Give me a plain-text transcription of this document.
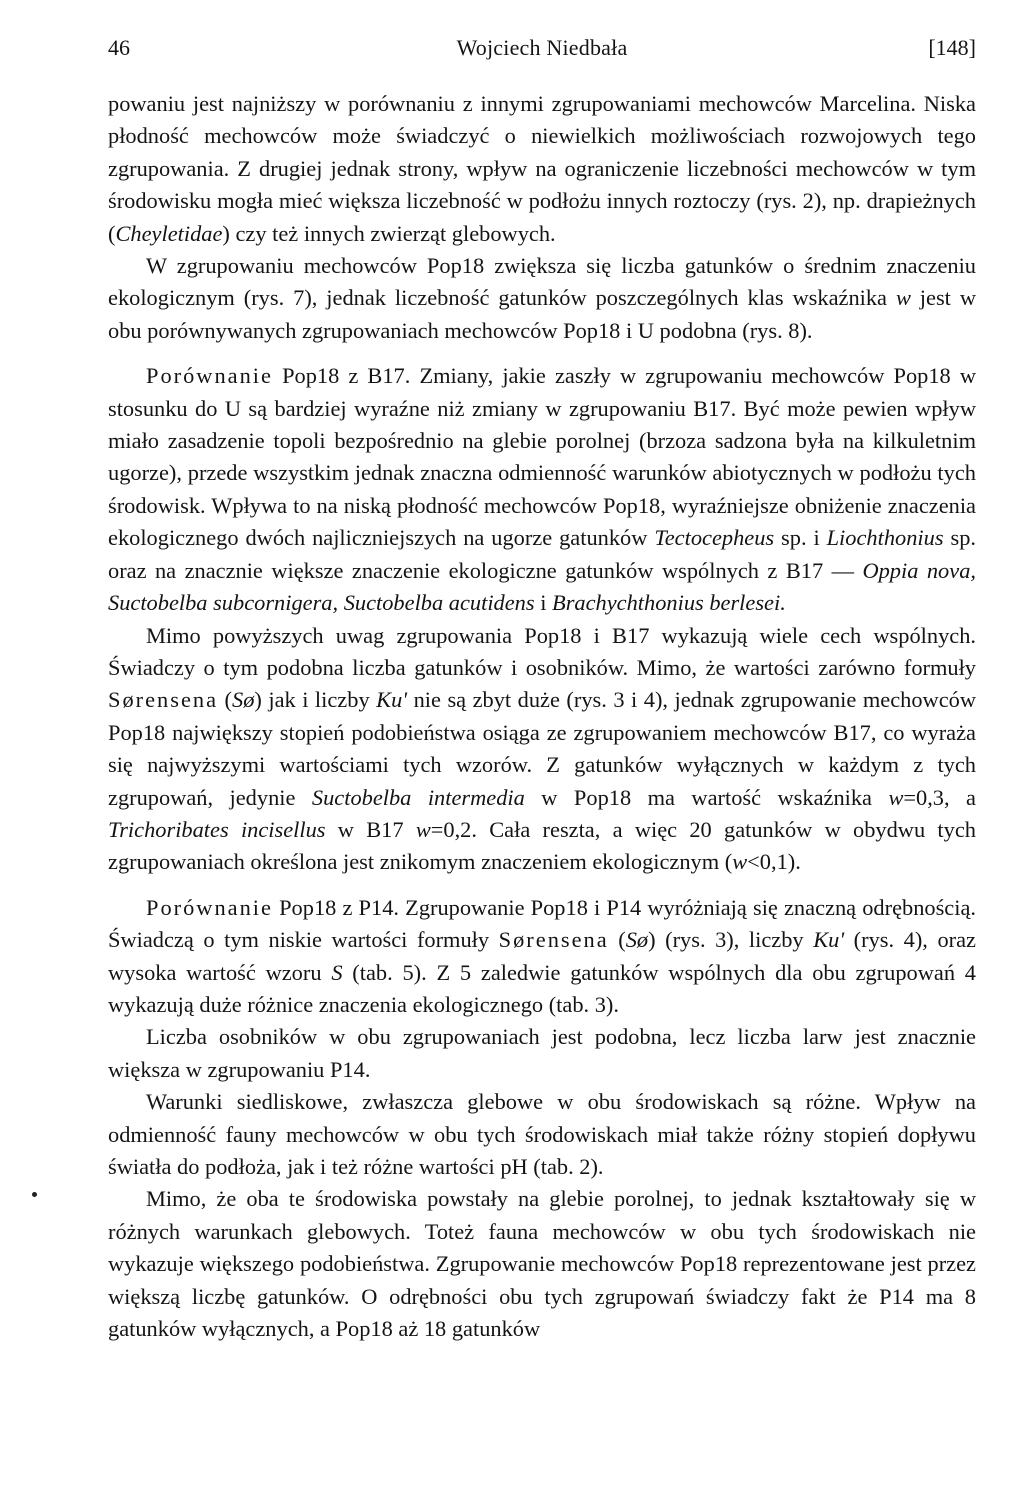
46	Wojciech Niedbała	[148]

powaniu jest najniższy w porównaniu z innymi zgrupowaniami mechowców Marcelina. Niska płodność mechowców może świadczyć o niewielkich możliwościach rozwojowych tego zgrupowania. Z drugiej jednak strony, wpływ na ograniczenie liczebności mechowców w tym środowisku mogła mieć większa liczebność w podłożu innych roztoczy (rys. 2), np. drapieżnych (Cheyletidae) czy też innych zwierząt glebowych.

W zgrupowaniu mechowców Pop18 zwiększa się liczba gatunków o średnim znaczeniu ekologicznym (rys. 7), jednak liczebność gatunków poszczególnych klas wskaźnika w jest w obu porównywanych zgrupowaniach mechowców Pop18 i U podobna (rys. 8).

Porównanie Pop18 z B17. Zmiany, jakie zaszły w zgrupowaniu mechowców Pop18 w stosunku do U są bardziej wyraźne niż zmiany w zgrupowaniu B17. Być może pewien wpływ miało zasadzenie topoli bezpośrednio na glebie porolnej (brzoza sadzona była na kilkuletnim ugorze), przede wszystkim jednak znaczna odmienność warunków abiotycznych w podłożu tych środowisk. Wpływa to na niską płodność mechowców Pop18, wyraźniejsze obniżenie znaczenia ekologicznego dwóch najliczniejszych na ugorze gatunków Tectocepheus sp. i Liochthonius sp. oraz na znacznie większe znaczenie ekologiczne gatunków wspólnych z B17 — Oppia nova, Suctobelba subcornigera, Suctobelba acutidens i Brachychthonius berlesei.

Mimo powyższych uwag zgrupowania Pop18 i B17 wykazują wiele cech wspólnych. Świadczy o tym podobna liczba gatunków i osobników. Mimo, że wartości zarówno formuły Sørensena (Sø) jak i liczby Ku' nie są zbyt duże (rys. 3 i 4), jednak zgrupowanie mechowców Pop18 największy stopień podobieństwa osiąga ze zgrupowaniem mechowców B17, co wyraża się najwyższymi wartościami tych wzorów. Z gatunków wyłącznych w każdym z tych zgrupowań, jedynie Suctobelba intermedia w Pop18 ma wartość wskaźnika w=0,3, a Trichoribates incisellus w B17 w=0,2. Cała reszta, a więc 20 gatunków w obydwu tych zgrupowaniach określona jest znikomym znaczeniem ekologicznym (w<0,1).

Porównanie Pop18 z P14. Zgrupowanie Pop18 i P14 wyróżniają się znaczną odrębnością. Świadczą o tym niskie wartości formuły Sørensena (Sø) (rys. 3), liczby Ku' (rys. 4), oraz wysoka wartość wzoru S (tab. 5). Z 5 zaledwie gatunków wspólnych dla obu zgrupowań 4 wykazują duże różnice znaczenia ekologicznego (tab. 3).

Liczba osobników w obu zgrupowaniach jest podobna, lecz liczba larw jest znacznie większa w zgrupowaniu P14.

Warunki siedliskowe, zwłaszcza glebowe w obu środowiskach są różne. Wpływ na odmienność fauny mechowców w obu tych środowiskach miał także różny stopień dopływu światła do podłoża, jak i też różne wartości pH (tab. 2).

Mimo, że oba te środowiska powstały na glebie porolnej, to jednak kształtowały się w różnych warunkach glebowych. Toteż fauna mechowców w obu tych środowiskach nie wykazuje większego podobieństwa. Zgrupowanie mechowców Pop18 reprezentowane jest przez większą liczbę gatunków. O odrębności obu tych zgrupowań świadczy fakt że P14 ma 8 gatunków wyłącznych, a Pop18 aż 18 gatunków
